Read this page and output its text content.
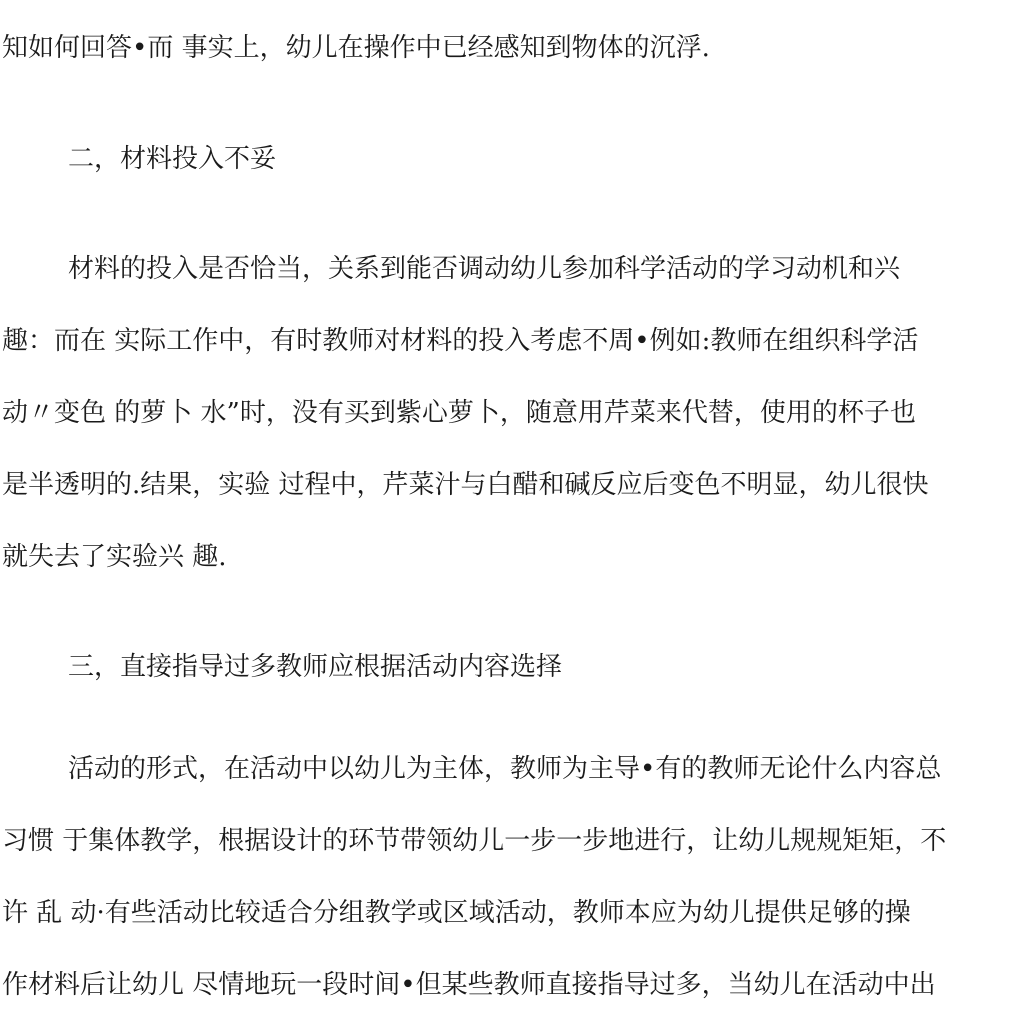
知如何回答•而 事实上，幼儿在操作中已经感知到物体的沉浮.
二，材料投入不妥
材料的投入是否恰当，关系到能否调动幼儿参加科学活动的学习动机和兴
趣：而在 实际工作中，有时教师对材料的投入考虑不周•例如:教师在组织科学活
动〃变色 的萝卜 水”时，没有买到紫心萝卜，随意用芹菜来代替，使用的杯子也
是半透明的.结果，实验 过程中，芹菜汁与白醋和碱反应后变色不明显，幼儿很快
就失去了实验兴 趣.
三，直接指导过多教师应根据活动内容选择
活动的形式，在活动中以幼儿为主体，教师为主导•有的教师无论什么内容总
习惯 于集体教学，根据设计的环节带领幼儿一步一步地进行，让幼儿规规矩矩，不
许 乱 动·有些活动比较适合分组教学或区域活动，教师本应为幼儿提供足够的操
作材料后让幼儿 尽情地玩一段时间•但某些教师直接指导过多，当幼儿在活动中出
